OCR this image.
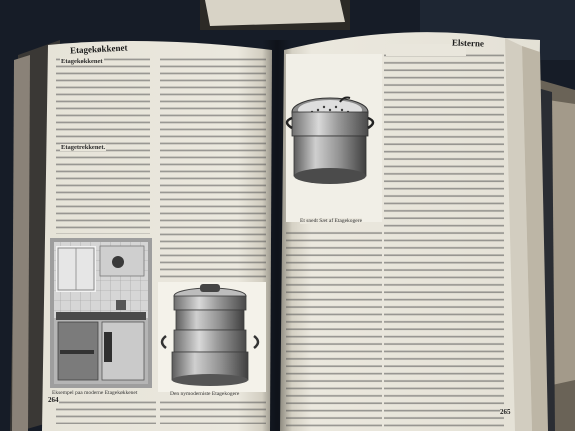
Etagekøkkenet	Elsterne
Etagekøkkenet
Etagetrekkenet.
Eksempel paa moderne Etagekøkkenet	Den nymoderniste Etagekogere
Et snedt Sæt af Etagekogere
264
265
